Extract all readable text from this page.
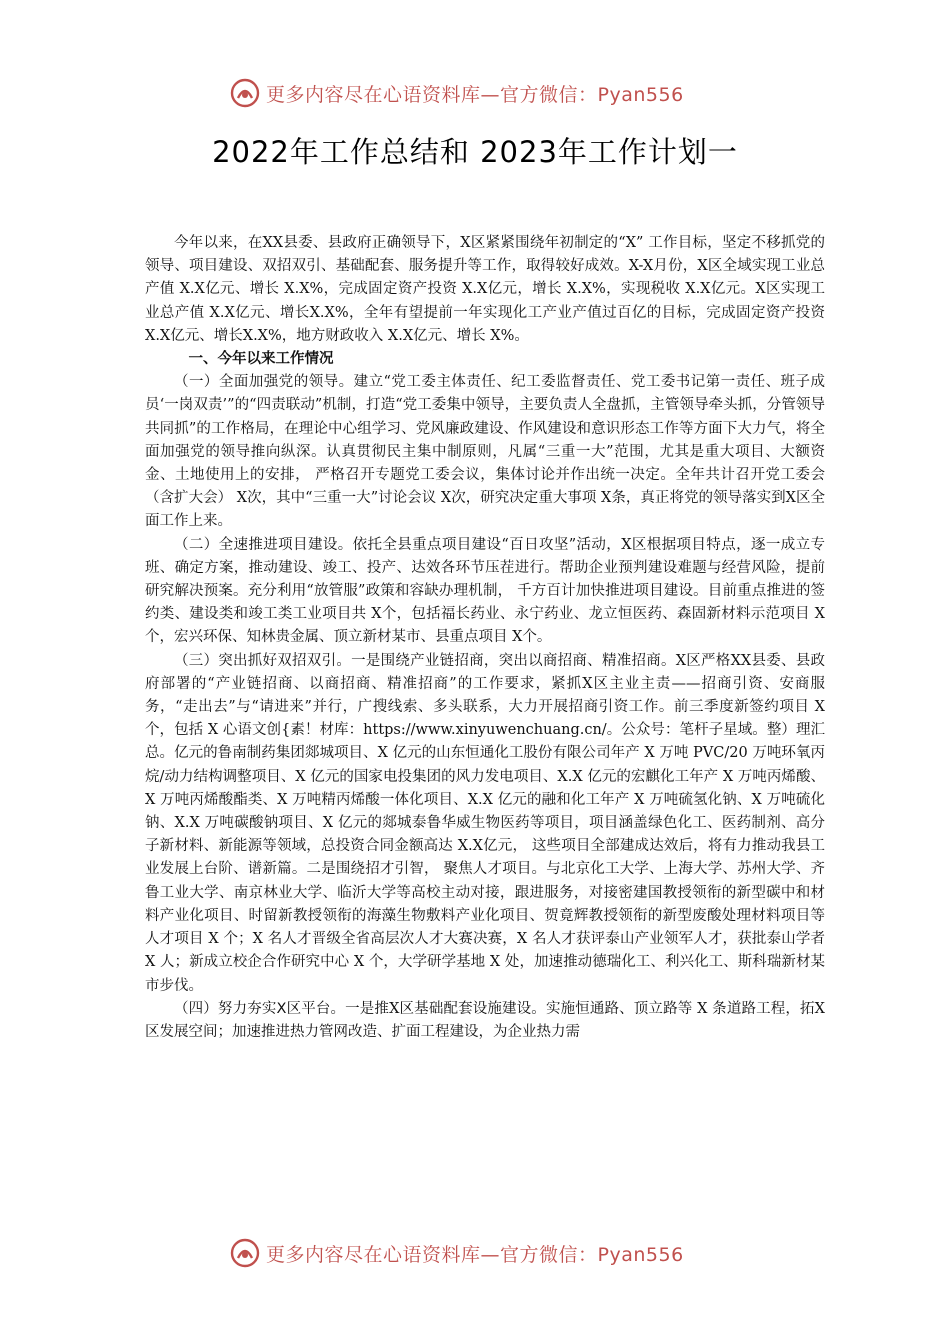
更多内容尽在心语资料库—官方微信：Pyan556
2022年工作总结和 2023年工作计划一

今年以来，在XX县委、县政府正确领导下，X区紧紧围绕年初制定的“X” 工作目标，坚定不移抓党的领导、项目建设、双招双引、基础配套、服务提升等工作，取得较好成效。X-X月份，X区全域实现工业总产值 X.X亿元、增长 X.X%，完成固定资产投资 X.X亿元，增长 X.X%，实现税收 X.X亿元。X区实现工业总产值 X.X亿元、增长X.X%，全年有望提前一年实现化工产业产值过百亿的目标，完成固定资产投资 X.X亿元、增长X.X%，地方财政收入 X.X亿元、增长 X%。

一、今年以来工作情况

（一）全面加强党的领导。建立“党工委主体责任、纪工委监督责任、党工委书记第一责任、班子成员‘一岗双责’”的“四责联动”机制，打造“党工委集中领导，主要负责人全盘抓，主管领导牵头抓，分管领导共同抓”的工作格局，在理论中心组学习、党风廉政建设、作风建设和意识形态工作等方面下大力气，将全面加强党的领导推向纵深。认真贯彻民主集中制原则，凡属“三重一大”范围，尤其是重大项目、大额资金、土地使用上的安排， 严格召开专题党工委会议，集体讨论并作出统一决定。全年共计召开党工委会（含扩大会） X次，其中“三重一大”讨论会议 X次，研究决定重大事项 X条，真正将党的领导落实到X区全面工作上来。

（二）全速推进项目建设。依托全县重点项目建设“百日攻坚”活动，X区根据项目特点，逐一成立专班、确定方案，推动建设、竣工、投产、达效各环节压茬进行。帮助企业预判建设难题与经营风险，提前研究解决预案。充分利用“放管服”政策和容缺办理机制， 千方百计加快推进项目建设。目前重点推进的签约类、建设类和竣工类工业项目共 X个，包括福长药业、永宁药业、龙立恒医药、森固新材料示范项目 X个，宏兴环保、知林贵金属、顶立新材某市、县重点项目 X个。

（三）突出抓好双招双引。一是围绕产业链招商，突出以商招商、精准招商。X区严格XX县委、县政府部署的“产业链招商、以商招商、精准招商”的工作要求，紧抓X区主业主责——招商引资、安商服务，“走出去”与“请进来”并行，广搜线索、多头联系，大力开展招商引资工作。前三季度新签约项目 X 个，包括 X 心语文创{素！材库：https://www.xinyuwenchuang.cn/。公众号：笔杆子星域。整）理汇总。亿元的鲁南制药集团郯城项目、X 亿元的山东恒通化工股份有限公司年产 X 万吨 PVC/20 万吨环氧丙烷/动力结构调整项目、X 亿元的国家电投集团的风力发电项目、X.X 亿元的宏麒化工年产 X 万吨丙烯酸、X 万吨丙烯酸酯类、X 万吨精丙烯酸一体化项目、X.X 亿元的融和化工年产 X 万吨硫氢化钠、X 万吨硫化钠、X.X 万吨碳酸钠项目、X 亿元的郯城泰鲁华威生物医药等项目，项目涵盖绿色化工、医药制剂、高分子新材料、新能源等领域，总投资合同金额高达 X.X亿元， 这些项目全部建成达效后，将有力推动我县工业发展上台阶、谱新篇。二是围绕招才引智， 聚焦人才项目。与北京化工大学、上海大学、苏州大学、齐鲁工业大学、南京林业大学、临沂大学等高校主动对接，跟进服务，对接密建国教授领衔的新型碳中和材料产业化项目、时留新教授领衔的海藻生物敷料产业化项目、贺竟辉教授领衔的新型废酸处理材料项目等人才项目 X 个；X 名人才晋级全省高层次人才大赛决赛，X 名人才获评泰山产业领军人才，获批泰山学者 X 人；新成立校企合作研究中心 X 个，大学研学基地 X 处，加速推动德瑞化工、利兴化工、斯科瑞新材某市步伐。

（四）努力夯实X区平台。一是推X区基础配套设施建设。实施恒通路、顶立路等 X 条道路工程，拓X区发展空间；加速推进热力管网改造、扩面工程建设，为企业热力需

更多内容尽在心语资料库—官方微信：Pyan556
